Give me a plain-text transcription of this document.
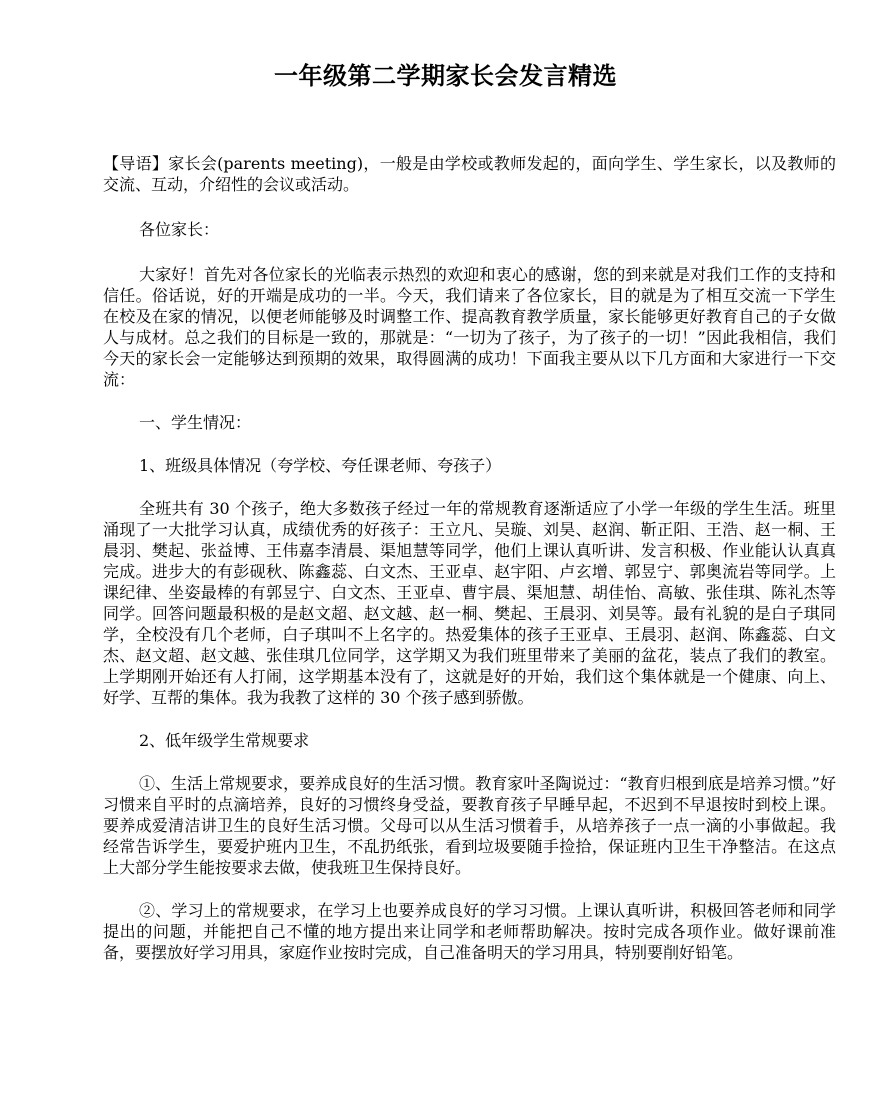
一年级第二学期家长会发言精选

【导语】家长会(parents meeting)，一般是由学校或教师发起的，面向学生、学生家长，以及教师的交流、互动，介绍性的会议或活动。

各位家长：

大家好！首先对各位家长的光临表示热烈的欢迎和衷心的感谢，您的到来就是对我们工作的支持和信任。俗话说，好的开端是成功的一半。今天，我们请来了各位家长，目的就是为了相互交流一下学生在校及在家的情况，以便老师能够及时调整工作、提高教育教学质量，家长能够更好教育自己的子女做人与成材。总之我们的目标是一致的，那就是：“一切为了孩子，为了孩子的一切！”因此我相信，我们今天的家长会一定能够达到预期的效果，取得圆满的成功！下面我主要从以下几方面和大家进行一下交流：

一、学生情况：

1、班级具体情况（夸学校、夸任课老师、夸孩子）

全班共有 30 个孩子，绝大多数孩子经过一年的常规教育逐渐适应了小学一年级的学生生活。班里涌现了一大批学习认真，成绩优秀的好孩子：王立凡、吴璇、刘昊、赵润、靳正阳、王浩、赵一桐、王晨羽、樊起、张益博、王伟嘉李清晨、渠旭慧等同学，他们上课认真听讲、发言积极、作业能认认真真完成。进步大的有彭砚秋、陈鑫蕊、白文杰、王亚卓、赵宇阳、卢玄增、郭昱宁、郭奥流岩等同学。上课纪律、坐姿最棒的有郭昱宁、白文杰、王亚卓、曹宇晨、渠旭慧、胡佳怡、高敏、张佳琪、陈礼杰等同学。回答问题最积极的是赵文超、赵文越、赵一桐、樊起、王晨羽、刘昊等。最有礼貌的是白子琪同学，全校没有几个老师，白子琪叫不上名字的。热爱集体的孩子王亚卓、王晨羽、赵润、陈鑫蕊、白文杰、赵文超、赵文越、张佳琪几位同学，这学期又为我们班里带来了美丽的盆花，装点了我们的教室。上学期刚开始还有人打闹，这学期基本没有了，这就是好的开始，我们这个集体就是一个健康、向上、好学、互帮的集体。我为我教了这样的 30 个孩子感到骄傲。

2、低年级学生常规要求

①、生活上常规要求，要养成良好的生活习惯。教育家叶圣陶说过：“教育归根到底是培养习惯。”好习惯来自平时的点滴培养，良好的习惯终身受益，要教育孩子早睡早起，不迟到不早退按时到校上课。要养成爱清洁讲卫生的良好生活习惯。父母可以从生活习惯着手，从培养孩子一点一滴的小事做起。我经常告诉学生，要爱护班内卫生，不乱扔纸张，看到垃圾要随手捡拾，保证班内卫生干净整洁。在这点上大部分学生能按要求去做，使我班卫生保持良好。

②、学习上的常规要求，在学习上也要养成良好的学习习惯。上课认真听讲，积极回答老师和同学提出的问题，并能把自己不懂的地方提出来让同学和老师帮助解决。按时完成各项作业。做好课前准备，要摆放好学习用具，家庭作业按时完成，自己准备明天的学习用具，特别要削好铅笔。
